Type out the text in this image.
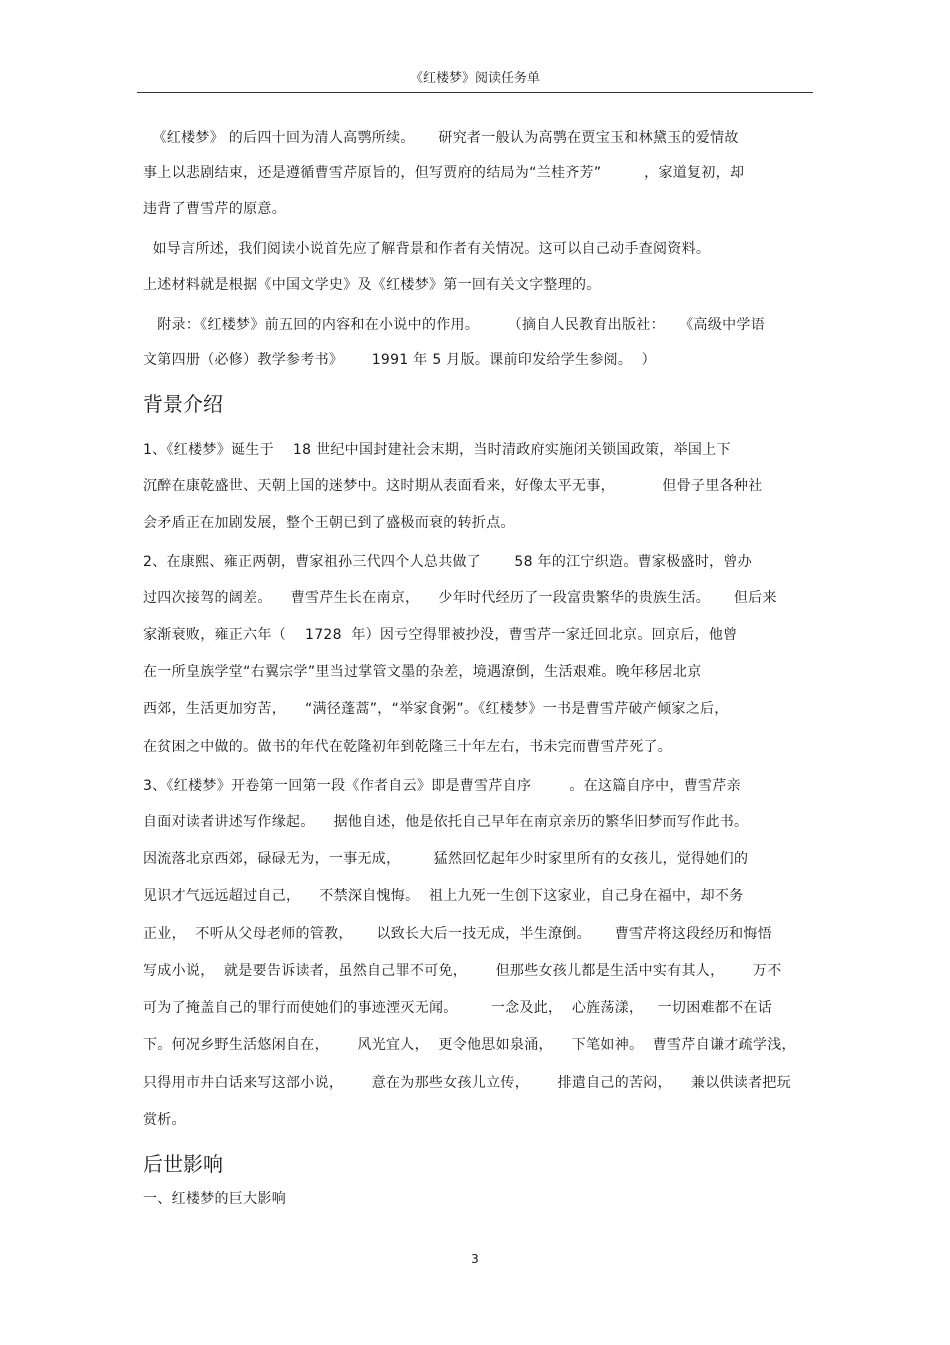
《红楼梦》阅读任务单
《红楼梦》 的后四十回为清人高鹗所续。     研究者一般认为高鹗在贾宝玉和林黛玉的爱情故
事上以悲剧结束，还是遵循曹雪芹原旨的，但写贾府的结局为“兰桂齐芳”         ，家道复初，却
违背了曹雪芹的原意。
如导言所述，我们阅读小说首先应了解背景和作者有关情况。这可以自己动手查阅资料。
上述材料就是根据《中国文学史》及《红楼梦》第一回有关文字整理的。
附录：《红楼梦》前五回的内容和在小说中的作用。      （摘自人民教育出版社：   《高级中学语
文第四册（必修）教学参考书》      1991 年 5 月版。课前印发给学生参阅。  ）
背景介绍
1、《红楼梦》诞生于    18 世纪中国封建社会末期，当时清政府实施闭关锁国政策，举国上下
沉醉在康乾盛世、天朝上国的迷梦中。这时期从表面看来，好像太平无事，          但骨子里各种社
会矛盾正在加剧发展，整个王朝已到了盛极而衰的转折点。
2、在康熙、雍正两朝，曹家祖孙三代四个人总共做了       58 年的江宁织造。曹家极盛时，曾办
过四次接驾的阔差。    曹雪芹生长在南京，    少年时代经历了一段富贵繁华的贵族生活。     但后来
家渐衰败，雍正六年（    1728  年）因亏空得罪被抄没，曹雪芹一家迁回北京。回京后，他曾
在一所皇族学堂“右翼宗学”里当过掌管文墨的杂差，境遇潦倒，生活艰难。晚年移居北京
西郊，生活更加穷苦，    “满径蓬蒿”，“举家食粥”。《红楼梦》一书是曹雪芹破产倾家之后，
在贫困之中做的。做书的年代在乾隆初年到乾隆三十年左右，书未完而曹雪芹死了。
3、《红楼梦》开卷第一回第一段《作者自云》即是曹雪芹自序        。在这篇自序中，曹雪芹亲
自面对读者讲述写作缘起。    据他自述，他是依托自己早年在南京亲历的繁华旧梦而写作此书。
因流落北京西郊，碌碌无为，一事无成，       猛然回忆起年少时家里所有的女孩儿，觉得她们的
见识才气远远超过自己，    不禁深自愧悔。  祖上九死一生创下这家业，自己身在福中，却不务
正业，  不听从父母老师的管教，     以致长大后一技无成，半生潦倒。     曹雪芹将这段经历和悔悟
写成小说，  就是要告诉读者，虽然自己罪不可免，      但那些女孩儿都是生活中实有其人，      万不
可为了掩盖自己的罪行而使她们的事迹湮灭无闻。       一念及此，  心旌荡漾，   一切困难都不在话
下。何况乡野生活悠闲自在，      风光宜人，  更令他思如泉涌，    下笔如神。  曹雪芹自谦才疏学浅，
只得用市井白话来写这部小说，      意在为那些女孩儿立传，      排遣自己的苦闷，    兼以供读者把玩
赏析。
后世影响
一、红楼梦的巨大影响
3
